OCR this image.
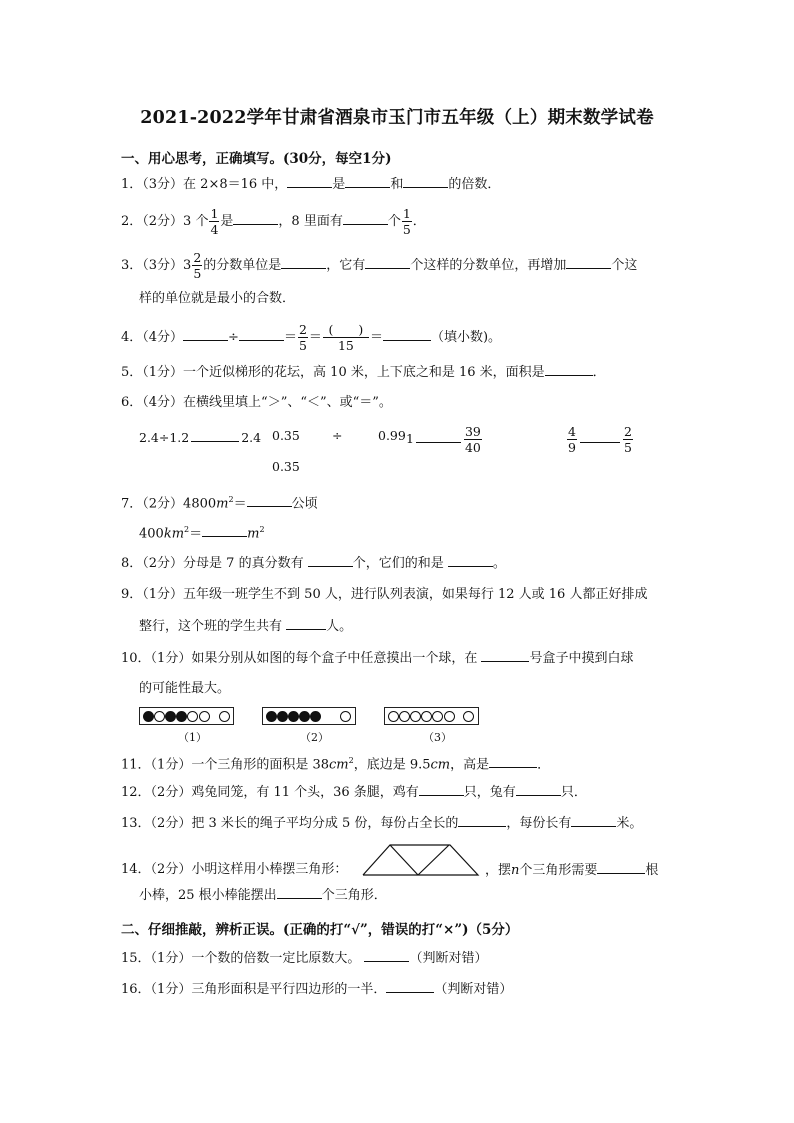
2021-2022学年甘肃省酒泉市玉门市五年级（上）期末数学试卷
一、用心思考，正确填写。(30分，每空1分)
1．（3分）在 2×8＝16 中，	是	和	的倍数．
2．（2分）3 个 $\frac{1}{4}$ 是	，8 里面有	个 $\frac{1}{5}$ ．
3．（3分）$3 \frac{2}{5}$ 的分数单位是	，它有	个这样的分数单位，再增加	个这
样的单位就是最小的合数．
4．（4分）	÷	＝ $\frac{2}{5} = \frac{( )}{15}$ ＝	（填小数)。
5．（1分）一个近似梯形的花坛，高 10 米，上下底之和是 16 米，面积是	．
6．（4分）在横线里填上“＞”、“＜”、或“＝”。
2.4÷1.2	2.4 0.35	÷	0.99
0.35
1	$\frac{39}{40}$	$\frac{4}{9}$	$\frac{2}{5}$
7．（2分）$4800m^2=$	公顷
$400km^2=$	$m^2$
8．（2分）分母是 7 的真分数有	个，它们的和是	。
9．（1分）五年级一班学生不到 50 人，进行队列表演，如果每行 12 人或 16 人都正好排成
整行，这个班的学生共有	人。
10．（1分）如果分别从如图的每个盒子中任意摸出一个球，在	号盒子中摸到白球
的可能性最大。
（1）	（2）	（3）
11．（1分）一个三角形的面积是 $38cm^2$，底边是 9.5cm，高是	．
12．（2分）鸡兔同笼，有 11 个头，36 条腿，鸡有	只，兔有	只．
13．（2分）把 3 米长的绳子平均分成 5 份，每份占全长的	，每份长有	米。
14．（2分）小明这样用小棒摆三角形：	，摆n个三角形需要	根
小棒，25 根小棒能摆出	个三角形．
二、仔细推敲，辨析正误。(正确的打“√”，错误的打“×”)（5分）
15．（1分）一个数的倍数一定比原数大。	（判断对错）
16．（1分）三角形面积是平行四边形的一半．	（判断对错）
